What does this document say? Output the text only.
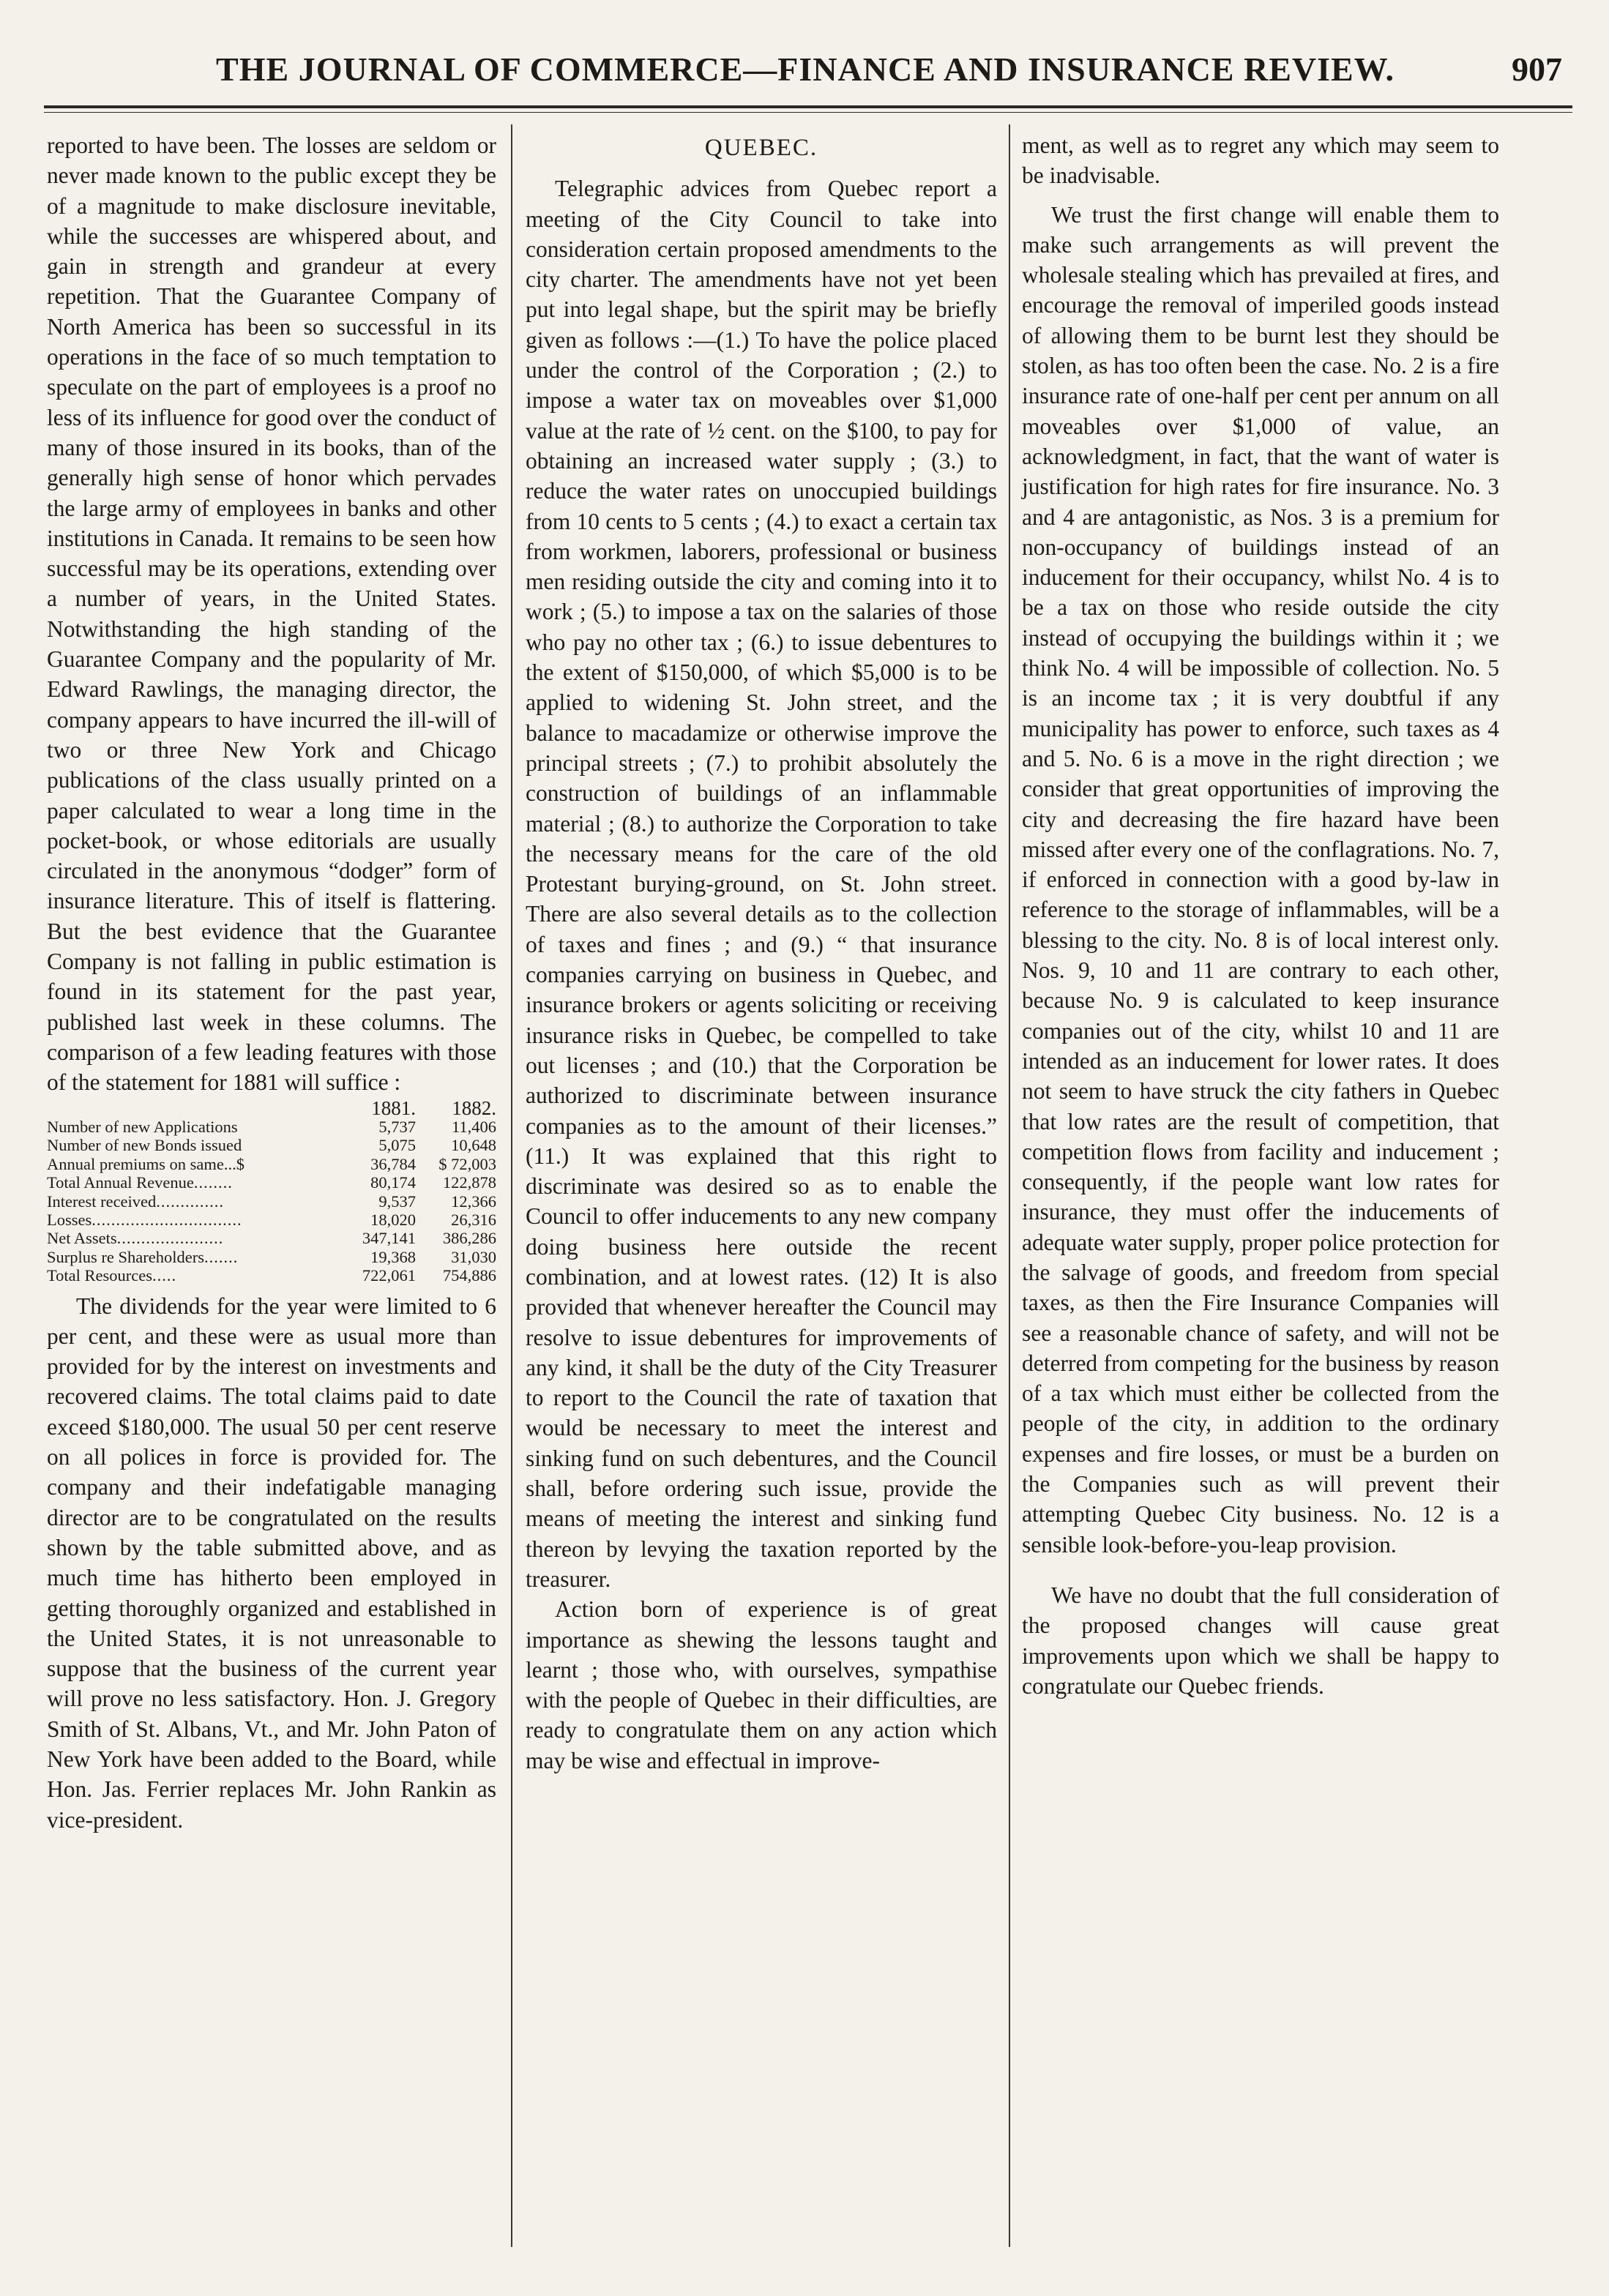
THE JOURNAL OF COMMERCE—FINANCE AND INSURANCE REVIEW.	907

reported to have been. The losses are seldom or never made known to the public except they be of a magnitude to make disclosure inevitable, while the successes are whispered about, and gain in strength and grandeur at every repetition. That the Guarantee Company of North America has been so successful in its operations in the face of so much temptation to speculate on the part of employees is a proof no less of its influence for good over the conduct of many of those insured in its books, than of the generally high sense of honor which pervades the large army of employees in banks and other institutions in Canada. It remains to be seen how successful may be its operations, extending over a number of years, in the United States. Notwithstanding the high standing of the Guarantee Company and the popularity of Mr. Edward Rawlings, the managing director, the company appears to have incurred the ill-will of two or three New York and Chicago publications of the class usually printed on a paper calculated to wear a long time in the pocket-book, or whose editorials are usually circulated in the anonymous “dodger” form of insurance literature. This of itself is flattering. But the best evidence that the Guarantee Company is not falling in public estimation is found in its statement for the past year, published last week in these columns. The comparison of a few leading features with those of the statement for 1881 will suffice :

1881.	1882.
Number of new Applications	5,737	11,406
Number of new Bonds issued	5,075	10,648
Annual premiums on same...$	36,784	$ 72,003
Total Annual Revenue........	80,174	122,878
Interest received..............	9,537	12,366
Losses...............................	18,020	26,316
Net Assets......................	347,141	386,286
Surplus re Shareholders.......	19,368	31,030
Total Resources.....	722,061	754,886

The dividends for the year were limited to 6 per cent, and these were as usual more than provided for by the interest on investments and recovered claims. The total claims paid to date exceed $180,000. The usual 50 per cent reserve on all polices in force is provided for. The company and their indefatigable managing director are to be congratulated on the results shown by the table submitted above, and as much time has hitherto been employed in getting thoroughly organized and established in the United States, it is not unreasonable to suppose that the business of the current year will prove no less satisfactory. Hon. J. Gregory Smith of St. Albans, Vt., and Mr. John Paton of New York have been added to the Board, while Hon. Jas. Ferrier replaces Mr. John Rankin as vice-president.

QUEBEC.

Telegraphic advices from Quebec report a meeting of the City Council to take into consideration certain proposed amendments to the city charter. The amendments have not yet been put into legal shape, but the spirit may be briefly given as follows :—(1.) To have the police placed under the control of the Corporation ; (2.) to impose a water tax on moveables over $1,000 value at the rate of ½ cent. on the $100, to pay for obtaining an increased water supply ; (3.) to reduce the water rates on unoccupied buildings from 10 cents to 5 cents ; (4.) to exact a certain tax from workmen, laborers, professional or business men residing outside the city and coming into it to work ; (5.) to impose a tax on the salaries of those who pay no other tax ; (6.) to issue debentures to the extent of $150,000, of which $5,000 is to be applied to widening St. John street, and the balance to macadamize or otherwise improve the principal streets ; (7.) to prohibit absolutely the construction of buildings of an inflammable material ; (8.) to authorize the Corporation to take the necessary means for the care of the old Protestant burying-ground, on St. John street. There are also several details as to the collection of taxes and fines ; and (9.) “ that insurance companies carrying on business in Quebec, and insurance brokers or agents soliciting or receiving insurance risks in Quebec, be compelled to take out licenses ; and (10.) that the Corporation be authorized to discriminate between insurance companies as to the amount of their licenses.” (11.) It was explained that this right to discriminate was desired so as to enable the Council to offer inducements to any new company doing business here outside the recent combination, and at lowest rates. (12) It is also provided that whenever hereafter the Council may resolve to issue debentures for improvements of any kind, it shall be the duty of the City Treasurer to report to the Council the rate of taxation that would be necessary to meet the interest and sinking fund on such debentures, and the Council shall, before ordering such issue, provide the means of meeting the interest and sinking fund thereon by levying the taxation reported by the treasurer.

Action born of experience is of great importance as shewing the lessons taught and learnt ; those who, with ourselves, sympathise with the people of Quebec in their difficulties, are ready to congratulate them on any action which may be wise and effectual in improve-

ment, as well as to regret any which may seem to be inadvisable.

We trust the first change will enable them to make such arrangements as will prevent the wholesale stealing which has prevailed at fires, and encourage the removal of imperiled goods instead of allowing them to be burnt lest they should be stolen, as has too often been the case. No. 2 is a fire insurance rate of one-half per cent per annum on all moveables over $1,000 of value, an acknowledgment, in fact, that the want of water is justification for high rates for fire insurance. No. 3 and 4 are antagonistic, as Nos. 3 is a premium for non-occupancy of buildings instead of an inducement for their occupancy, whilst No. 4 is to be a tax on those who reside outside the city instead of occupying the buildings within it ; we think No. 4 will be impossible of collection. No. 5 is an income tax ; it is very doubtful if any municipality has power to enforce, such taxes as 4 and 5. No. 6 is a move in the right direction ; we consider that great opportunities of improving the city and decreasing the fire hazard have been missed after every one of the conflagrations. No. 7, if enforced in connection with a good by-law in reference to the storage of inflammables, will be a blessing to the city. No. 8 is of local interest only. Nos. 9, 10 and 11 are contrary to each other, because No. 9 is calculated to keep insurance companies out of the city, whilst 10 and 11 are intended as an inducement for lower rates. It does not seem to have struck the city fathers in Quebec that low rates are the result of competition, that competition flows from facility and inducement ; consequently, if the people want low rates for insurance, they must offer the inducements of adequate water supply, proper police protection for the salvage of goods, and freedom from special taxes, as then the Fire Insurance Companies will see a reasonable chance of safety, and will not be deterred from competing for the business by reason of a tax which must either be collected from the people of the city, in addition to the ordinary expenses and fire losses, or must be a burden on the Companies such as will prevent their attempting Quebec City business. No. 12 is a sensible look-before-you-leap provision.

We have no doubt that the full consideration of the proposed changes will cause great improvements upon which we shall be happy to congratulate our Quebec friends.
